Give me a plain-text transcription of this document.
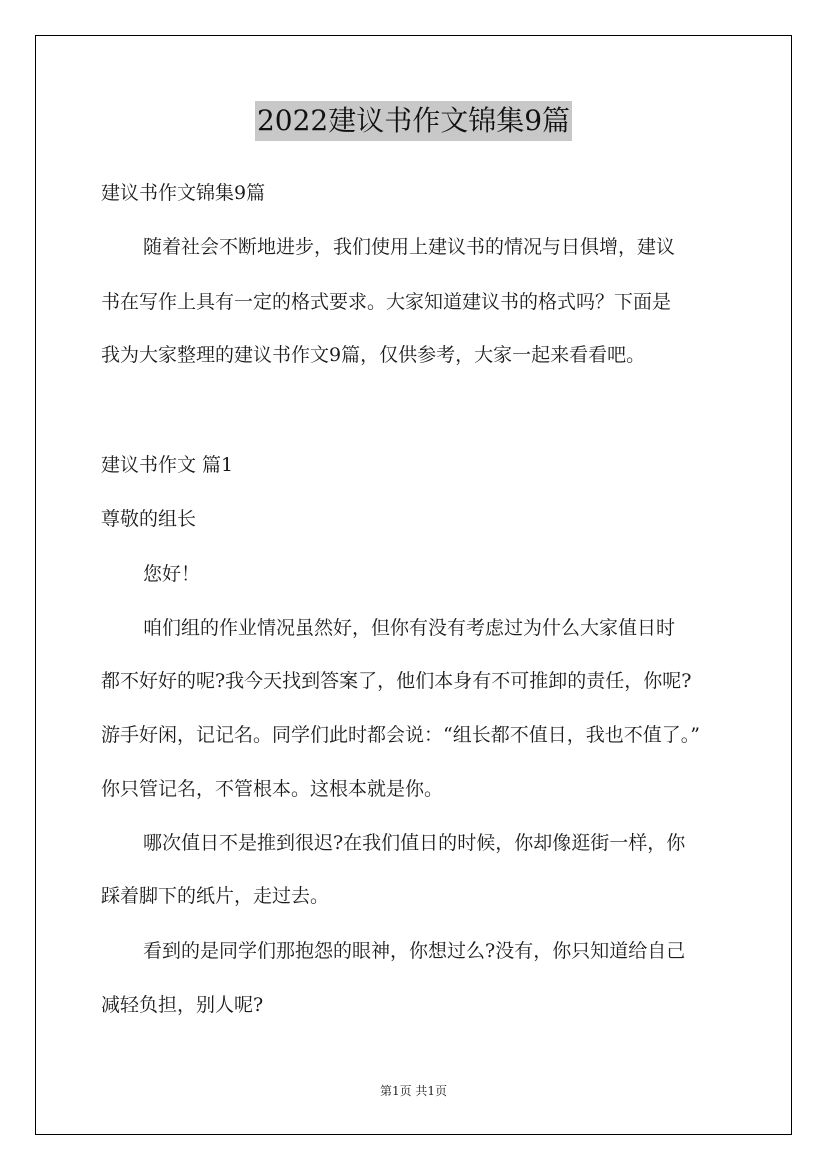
2022建议书作文锦集9篇
建议书作文锦集9篇
随着社会不断地进步，我们使用上建议书的情况与日俱增，建议
书在写作上具有一定的格式要求。大家知道建议书的格式吗？下面是
我为大家整理的建议书作文9篇，仅供参考，大家一起来看看吧。
建议书作文 篇1
尊敬的组长
您好！
咱们组的作业情况虽然好，但你有没有考虑过为什么大家值日时
都不好好的呢?我今天找到答案了，他们本身有不可推卸的责任，你呢?
游手好闲，记记名。同学们此时都会说：“组长都不值日，我也不值了。”
你只管记名，不管根本。这根本就是你。
哪次值日不是推到很迟?在我们值日的时候，你却像逛街一样，你
踩着脚下的纸片，走过去。
看到的是同学们那抱怨的眼神，你想过么?没有，你只知道给自己
减轻负担，别人呢?
第1页 共1页
